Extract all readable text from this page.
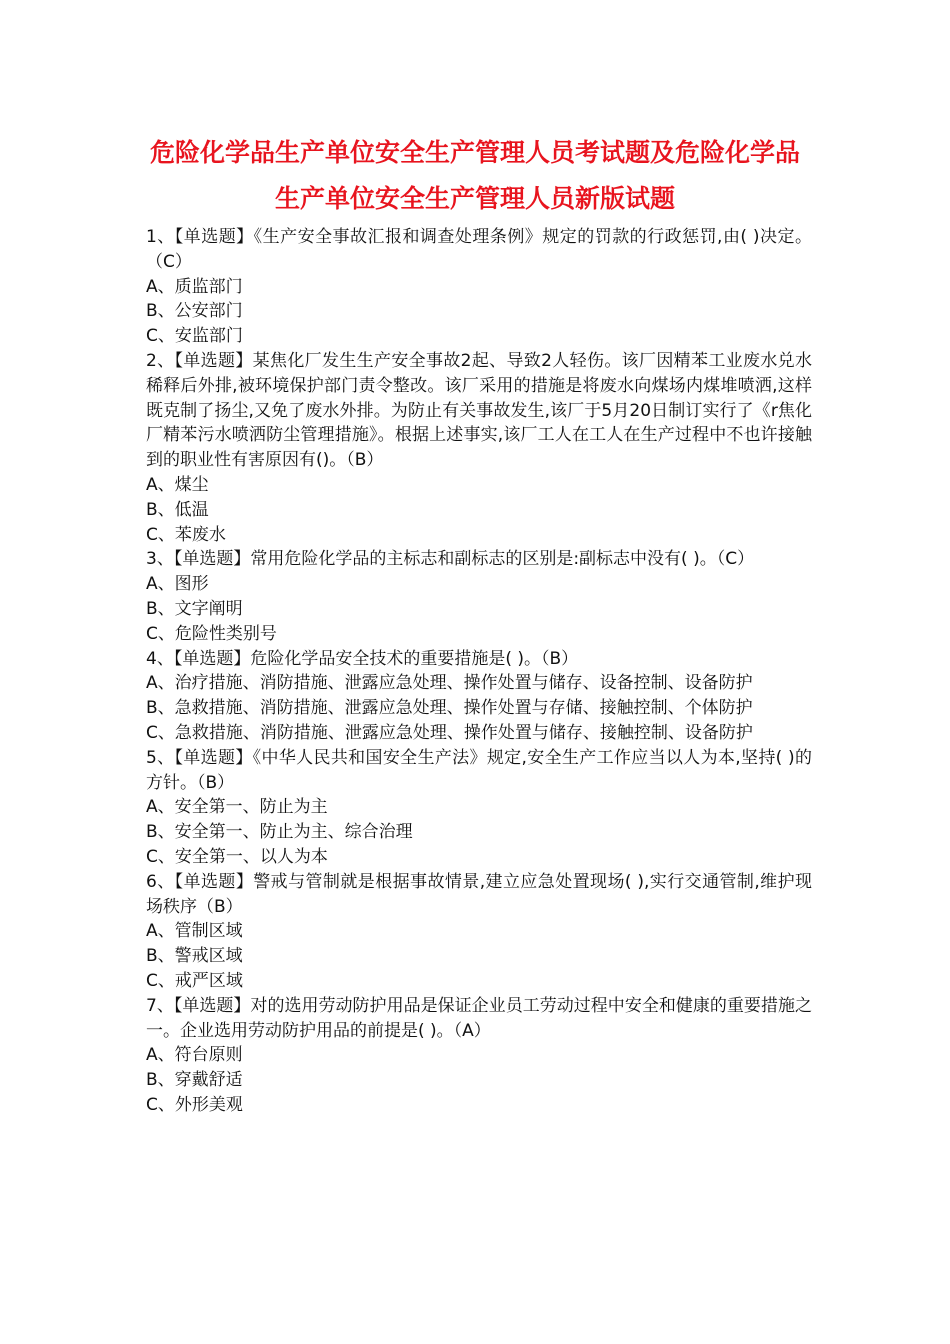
危险化学品生产单位安全生产管理人员考试题及危险化学品生产单位安全生产管理人员新版试题

1、【单选题】《生产安全事故汇报和调查处理条例》规定的罚款的行政惩罚,由( )决定。（C）

A、质监部门

B、公安部门

C、安监部门

2、【单选题】某焦化厂发生生产安全事故2起、导致2人轻伤。该厂因精苯工业废水兑水稀释后外排,被环境保护部门责令整改。该厂采用的措施是将废水向煤场内煤堆喷洒,这样既克制了扬尘,又免了废水外排。为防止有关事故发生,该厂于5月20日制订实行了《r焦化厂精苯污水喷洒防尘管理措施》。根据上述事实,该厂工人在工人在生产过程中不也许接触到的职业性有害原因有()。（B）

A、煤尘

B、低温

C、苯废水

3、【单选题】常用危险化学品的主标志和副标志的区别是:副标志中没有( )。（C）

A、图形

B、文字阐明

C、危险性类别号

4、【单选题】危险化学品安全技术的重要措施是( )。（B）

A、治疗措施、消防措施、泄露应急处理、操作处置与储存、设备控制、设备防护

B、急救措施、消防措施、泄露应急处理、操作处置与存储、接触控制、个体防护

C、急救措施、消防措施、泄露应急处理、操作处置与储存、接触控制、设备防护

5、【单选题】《中华人民共和国安全生产法》规定,安全生产工作应当以人为本,坚持( )的方针。（B）

A、安全第一、防止为主

B、安全第一、防止为主、综合治理

C、安全第一、以人为本

6、【单选题】警戒与管制就是根据事故情景,建立应急处置现场( ),实行交通管制,维护现场秩序（B）

A、管制区域

B、警戒区域

C、戒严区域

7、【单选题】对的选用劳动防护用品是保证企业员工劳动过程中安全和健康的重要措施之一。企业选用劳动防护用品的前提是( )。（A）

A、符台原则

B、穿戴舒适

C、外形美观
